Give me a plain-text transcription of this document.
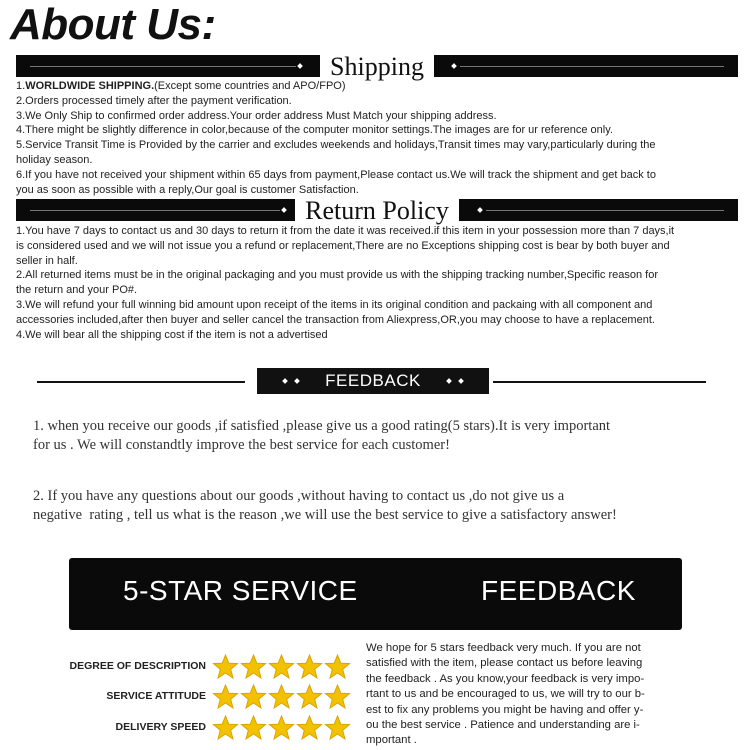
About Us:
Shipping

1.WORLDWIDE SHIPPING.(Except some countries and APO/FPO)

2.Orders processed timely after the payment verification.

3.We Only Ship to confirmed order address.Your order address Must Match your shipping address.

4.There might be slightly difference in color,because of the computer monitor settings.The images are for ur reference only.

5.Service Transit Time is Provided by the carrier and excludes weekends and holidays,Transit times may vary,particularly during the

holiday season.

6.If you have not received your shipment within 65 days from payment,Please contact us.We will track the shipment and get back to

you as soon as possible with a reply,Our goal is customer Satisfaction.

Return Policy

1.You have 7 days to contact us and 30 days to return it from the date it was received.if this item in your possession more than 7 days,it

is considered used and we will not issue you a refund or replacement,There are no Exceptions shipping cost is bear by both buyer and

seller in half.

2.All returned items must be in the original packaging and you must provide us with the shipping tracking number,Specific reason for

the return and your PO#.

3.We will refund your full winning bid amount upon receipt of the items in its original condition and packaing with all component and

accessories included,after then buyer and seller cancel the transaction from Aliexpress,OR,you may choose to have a replacement.

4.We will bear all the shipping cost if the item is not a advertised

FEEDBACK

1. when you receive our goods ,if satisfied ,please give us a good rating(5 stars).It is very important

for us . We will constandtly improve the best service for each customer!

2. If you have any questions about our goods ,without having to contact us ,do not give us a

negative  rating , tell us what is the reason ,we will use the best service to give a satisfactory answer!

5-STAR SERVICE	FEEDBACK
DEGREE OF DESCRIPTION
SERVICE ATTITUDE
DELIVERY SPEED

We hope for 5 stars feedback very much. If you are not

satisfied with the item, please contact us before leaving

the feedback . As you know,your feedback is very impo-

rtant to us and be encouraged to us, we will try to our b-

est to fix any problems you might be having and offer y-

ou the best service . Patience and understanding are i-

mportant .
